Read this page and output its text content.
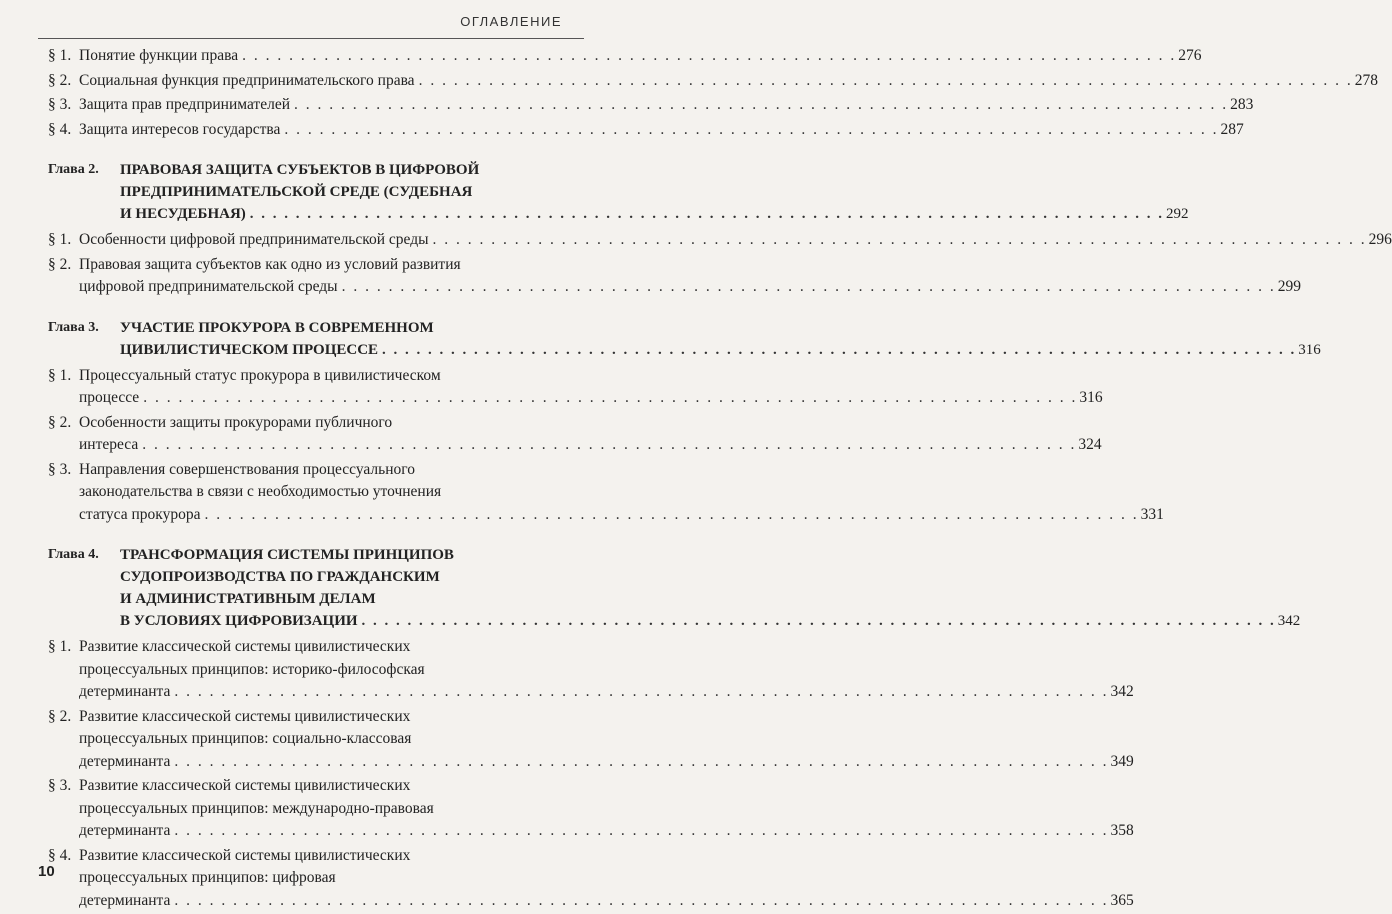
ОГЛАВЛЕНИЕ
§ 1. Понятие функции права . . . . . . . . . . . . . . . . . . . . . . . . . . . . . . . . . . . . . . . . . . . . . . . . . . . . . . . . . . . . . . . . . . . . . . . . . . . . . . . . 276
§ 2. Социальная функция предпринимательского права . . . . . . . . . . . . . . . . . . . . . . . . . . . . . . . . . . . . . . . . . . . . . . . . . . . . . . . . . . . . . . . . . . . . . . . . . . . . . . . . 278
§ 3. Защита прав предпринимателей . . . . . . . . . . . . . . . . . . . . . . . . . . . . . . . . . . . . . . . . . . . . . . . . . . . . . . . . . . . . . . . . . . . . . . . . . . . . . . . . 283
§ 4. Защита интересов государства . . . . . . . . . . . . . . . . . . . . . . . . . . . . . . . . . . . . . . . . . . . . . . . . . . . . . . . . . . . . . . . . . . . . . . . . . . . . . . . . 287
Глава 2. ПРАВОВАЯ ЗАЩИТА СУБЪЕКТОВ В ЦИФРОВОЙ
ПРЕДПРИНИМАТЕЛЬСКОЙ СРЕДЕ (СУДЕБНАЯ
И НЕСУДЕБНАЯ) . . . . . . . . . . . . . . . . . . . . . . . . . . . . . . . . . . . . . . . . . . . . . . . . . . . . . . . . . . . . . . . . . . . . . . . . . . . . . . . . 292
§ 1. Особенности цифровой предпринимательской среды . . . . . . . . . . . . . . . . . . . . . . . . . . . . . . . . . . . . . . . . . . . . . . . . . . . . . . . . . . . . . . . . . . . . . . . . . . . . . . . . 296
§ 2. Правовая защита субъектов как одно из условий развития
цифровой предпринимательской среды . . . . . . . . . . . . . . . . . . . . . . . . . . . . . . . . . . . . . . . . . . . . . . . . . . . . . . . . . . . . . . . . . . . . . . . . . . . . . . . . 299
Глава 3. УЧАСТИЕ ПРОКУРОРА В СОВРЕМЕННОМ
ЦИВИЛИСТИЧЕСКОМ ПРОЦЕССЕ . . . . . . . . . . . . . . . . . . . . . . . . . . . . . . . . . . . . . . . . . . . . . . . . . . . . . . . . . . . . . . . . . . . . . . . . . . . . . . . . 316
§ 1. Процессуальный статус прокурора в цивилистическом
процессе . . . . . . . . . . . . . . . . . . . . . . . . . . . . . . . . . . . . . . . . . . . . . . . . . . . . . . . . . . . . . . . . . . . . . . . . . . . . . . . . 316
§ 2. Особенности защиты прокурорами публичного
интереса . . . . . . . . . . . . . . . . . . . . . . . . . . . . . . . . . . . . . . . . . . . . . . . . . . . . . . . . . . . . . . . . . . . . . . . . . . . . . . . . 324
§ 3. Направления совершенствования процессуального
законодательства в связи с необходимостью уточнения
статуса прокурора . . . . . . . . . . . . . . . . . . . . . . . . . . . . . . . . . . . . . . . . . . . . . . . . . . . . . . . . . . . . . . . . . . . . . . . . . . . . . . . . 331
Глава 4. ТРАНСФОРМАЦИЯ СИСТЕМЫ ПРИНЦИПОВ
СУДОПРОИЗВОДСТВА ПО ГРАЖДАНСКИМ
И АДМИНИСТРАТИВНЫМ ДЕЛАМ
В УСЛОВИЯХ ЦИФРОВИЗАЦИИ . . . . . . . . . . . . . . . . . . . . . . . . . . . . . . . . . . . . . . . . . . . . . . . . . . . . . . . . . . . . . . . . . . . . . . . . . . . . . . . . 342
§ 1. Развитие классической системы цивилистических
процессуальных принципов: историко-философская
детерминанта . . . . . . . . . . . . . . . . . . . . . . . . . . . . . . . . . . . . . . . . . . . . . . . . . . . . . . . . . . . . . . . . . . . . . . . . . . . . . . . . 342
§ 2. Развитие классической системы цивилистических
процессуальных принципов: социально-классовая
детерминанта . . . . . . . . . . . . . . . . . . . . . . . . . . . . . . . . . . . . . . . . . . . . . . . . . . . . . . . . . . . . . . . . . . . . . . . . . . . . . . . . 349
§ 3. Развитие классической системы цивилистических
процессуальных принципов: международно-правовая
детерминанта . . . . . . . . . . . . . . . . . . . . . . . . . . . . . . . . . . . . . . . . . . . . . . . . . . . . . . . . . . . . . . . . . . . . . . . . . . . . . . . . 358
§ 4. Развитие классической системы цивилистических
процессуальных принципов: цифровая
детерминанта . . . . . . . . . . . . . . . . . . . . . . . . . . . . . . . . . . . . . . . . . . . . . . . . . . . . . . . . . . . . . . . . . . . . . . . . . . . . . . . . 365
10
